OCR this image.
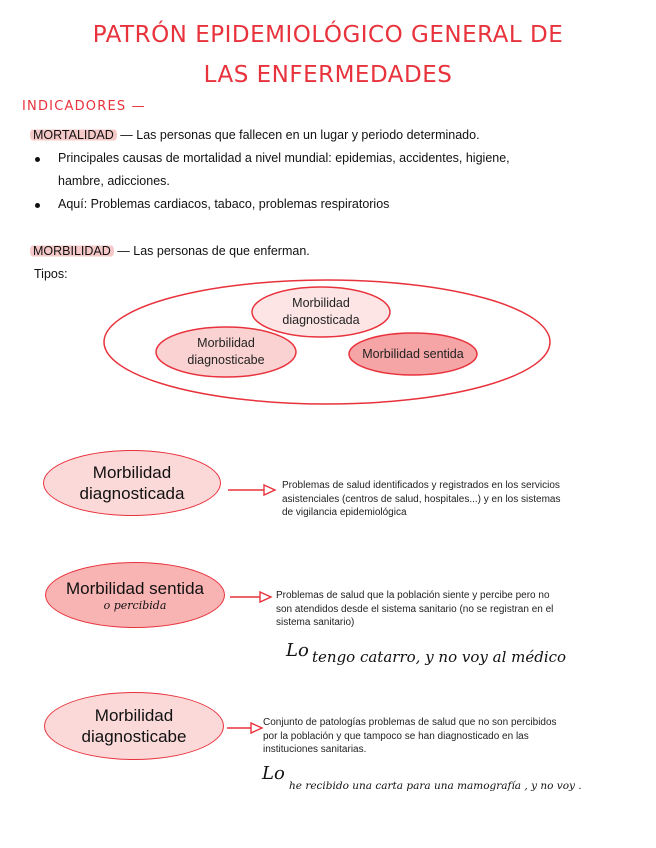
PATRÓN EPIDEMIOLÓGICO GENERAL DE
LAS ENFERMEDADES
INDICADORES —
MORTALIDAD — Las personas que fallecen en un lugar y periodo determinado.
Principales causas de mortalidad a nivel mundial: epidemias, accidentes, higiene,
hambre, adicciones.
Aquí: Problemas cardiacos, tabaco, problemas respiratorios
MORBILIDAD — Las personas de que enferman.
Tipos:
Morbilidad
diagnosticada
Morbilidad
diagnosticabe	Morbilidad sentida
Morbilidad
diagnosticada	Problemas de salud identificados y registrados en los servicios
asistenciales (centros de salud, hospitales...) y en los sistemas
de vigilancia epidemiológica
Morbilidad sentida
o percibida
Problemas de salud que la población siente y percibe pero no
son atendidos desde el sistema sanitario (no se registran en el
sistema sanitario)
Lo tengo catarro, y no voy al médico
Morbilidad
diagnosticabe
Conjunto de patologías problemas de salud que no son percibidos
por la población y que tampoco se han diagnosticado en las
instituciones sanitarias.
Lo
he recibido una carta para una mamografía , y no voy .
